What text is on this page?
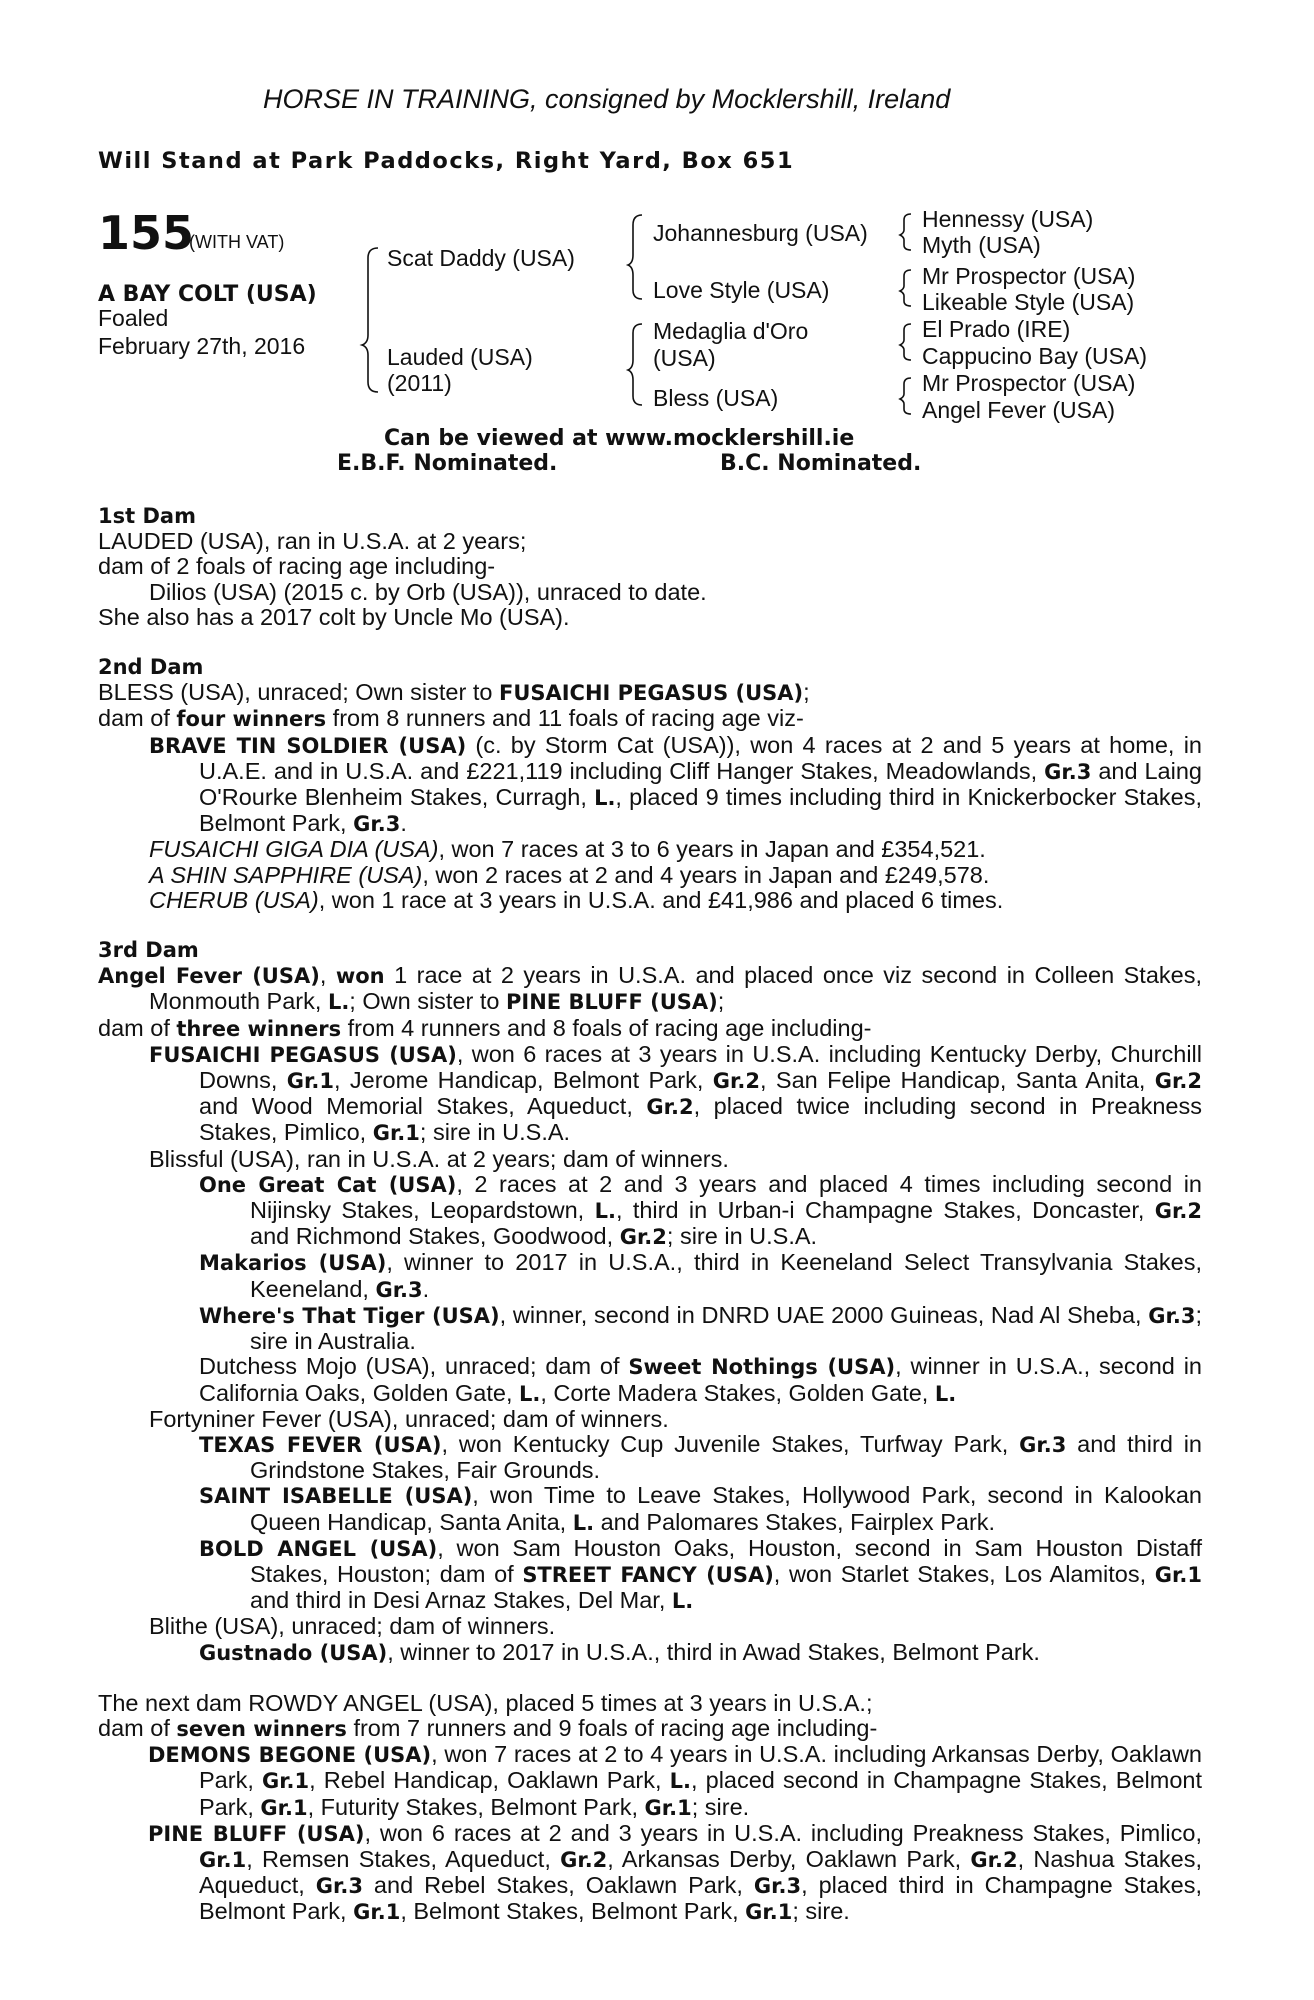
HORSE IN TRAINING, consigned by Mocklershill, Ireland
Will Stand at Park Paddocks, Right Yard, Box 651
155
(WITH VAT)
A BAY COLT (USA)
Foaled
February 27th, 2016
Scat Daddy (USA)
Lauded (USA)
(2011)
Johannesburg (USA)
Love Style (USA)
Medaglia d'Oro
(USA)
Bless (USA)
Hennessy (USA)
Myth (USA)
Mr Prospector (USA)
Likeable Style (USA)
El Prado (IRE)
Cappucino Bay (USA)
Mr Prospector (USA)
Angel Fever (USA)
Can be viewed at www.mocklershill.ie
E.B.F. Nominated.	B.C. Nominated.

1st Dam

LAUDED (USA), ran in U.S.A. at 2 years;

dam of 2 foals of racing age including-

Dilios (USA) (2015 c. by Orb (USA)), unraced to date.

She also has a 2017 colt by Uncle Mo (USA).

2nd Dam

BLESS (USA), unraced; Own sister to FUSAICHI PEGASUS (USA);

dam of four winners from 8 runners and 11 foals of racing age viz-

BRAVE TIN SOLDIER (USA) (c. by Storm Cat (USA)), won 4 races at 2 and 5 years at home, in U.A.E. and in U.S.A. and £221,119 including Cliff Hanger Stakes, Meadowlands, Gr.3 and Laing O'Rourke Blenheim Stakes, Curragh, L., placed 9 times including third in Knickerbocker Stakes, Belmont Park, Gr.3.

FUSAICHI GIGA DIA (USA), won 7 races at 3 to 6 years in Japan and £354,521.

A SHIN SAPPHIRE (USA), won 2 races at 2 and 4 years in Japan and £249,578.

CHERUB (USA), won 1 race at 3 years in U.S.A. and £41,986 and placed 6 times.

3rd Dam

Angel Fever (USA), won 1 race at 2 years in U.S.A. and placed once viz second in Colleen Stakes, Monmouth Park, L.; Own sister to PINE BLUFF (USA);

dam of three winners from 4 runners and 8 foals of racing age including-

FUSAICHI PEGASUS (USA), won 6 races at 3 years in U.S.A. including Kentucky Derby, Churchill Downs, Gr.1, Jerome Handicap, Belmont Park, Gr.2, San Felipe Handicap, Santa Anita, Gr.2 and Wood Memorial Stakes, Aqueduct, Gr.2, placed twice including second in Preakness Stakes, Pimlico, Gr.1; sire in U.S.A.

Blissful (USA), ran in U.S.A. at 2 years; dam of winners.

One Great Cat (USA), 2 races at 2 and 3 years and placed 4 times including second in Nijinsky Stakes, Leopardstown, L., third in Urban-i Champagne Stakes, Doncaster, Gr.2 and Richmond Stakes, Goodwood, Gr.2; sire in U.S.A.

Makarios (USA), winner to 2017 in U.S.A., third in Keeneland Select Transylvania Stakes, Keeneland, Gr.3.

Where's That Tiger (USA), winner, second in DNRD UAE 2000 Guineas, Nad Al Sheba, Gr.3; sire in Australia.

Dutchess Mojo (USA), unraced; dam of Sweet Nothings (USA), winner in U.S.A., second in California Oaks, Golden Gate, L., Corte Madera Stakes, Golden Gate, L.

Fortyniner Fever (USA), unraced; dam of winners.

TEXAS FEVER (USA), won Kentucky Cup Juvenile Stakes, Turfway Park, Gr.3 and third in Grindstone Stakes, Fair Grounds.

SAINT ISABELLE (USA), won Time to Leave Stakes, Hollywood Park, second in Kalookan Queen Handicap, Santa Anita, L. and Palomares Stakes, Fairplex Park.

BOLD ANGEL (USA), won Sam Houston Oaks, Houston, second in Sam Houston Distaff Stakes, Houston; dam of STREET FANCY (USA), won Starlet Stakes, Los Alamitos, Gr.1 and third in Desi Arnaz Stakes, Del Mar, L.

Blithe (USA), unraced; dam of winners.

Gustnado (USA), winner to 2017 in U.S.A., third in Awad Stakes, Belmont Park.

The next dam ROWDY ANGEL (USA), placed 5 times at 3 years in U.S.A.;

dam of seven winners from 7 runners and 9 foals of racing age including-

DEMONS BEGONE (USA), won 7 races at 2 to 4 years in U.S.A. including Arkansas Derby, Oaklawn Park, Gr.1, Rebel Handicap, Oaklawn Park, L., placed second in Champagne Stakes, Belmont Park, Gr.1, Futurity Stakes, Belmont Park, Gr.1; sire.

PINE BLUFF (USA), won 6 races at 2 and 3 years in U.S.A. including Preakness Stakes, Pimlico, Gr.1, Remsen Stakes, Aqueduct, Gr.2, Arkansas Derby, Oaklawn Park, Gr.2, Nashua Stakes, Aqueduct, Gr.3 and Rebel Stakes, Oaklawn Park, Gr.3, placed third in Champagne Stakes, Belmont Park, Gr.1, Belmont Stakes, Belmont Park, Gr.1; sire.
